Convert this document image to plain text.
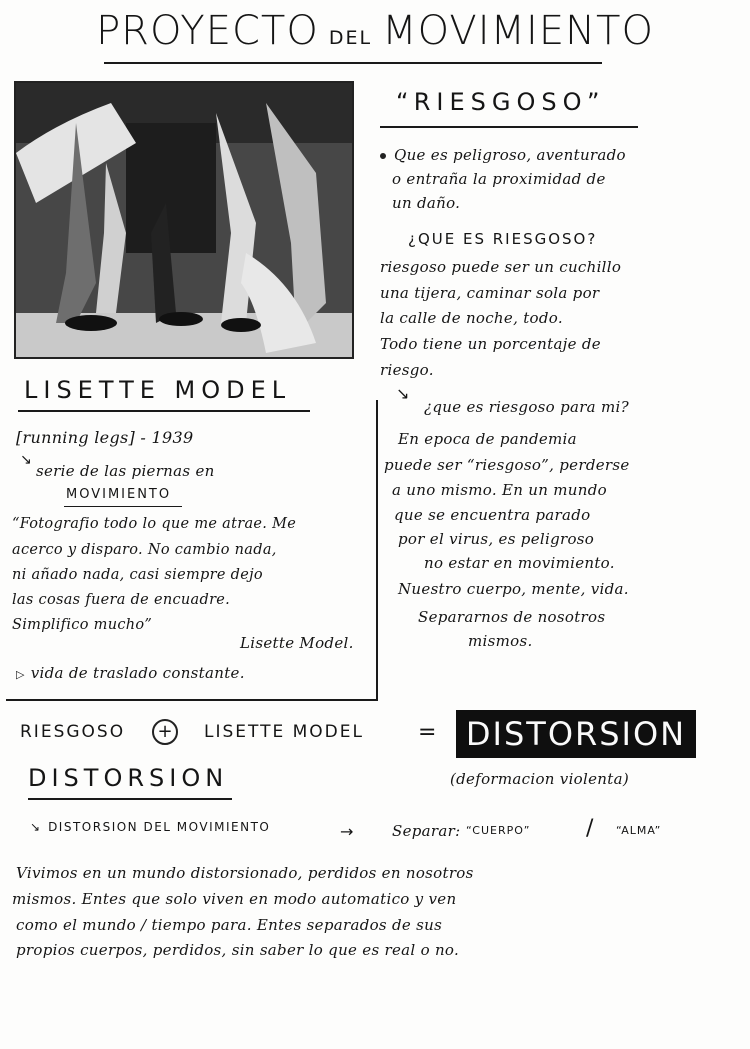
PROYECTO DEL MOVIMIENTO
“RIESGOSO”
Que es peligroso, aventurado
o entraña la proximidad de
un daño.
¿QUE ES RIESGOSO?
riesgoso puede ser un cuchillo
una tijera, caminar sola por
la calle de noche, todo.
Todo tiene un porcentaje de
riesgo.
↘
¿que es riesgoso para mi?
En epoca de pandemia
puede ser “riesgoso”, perderse
a uno mismo. En un mundo
que se encuentra parado
por el virus, es peligroso
no estar en movimiento.
Nuestro cuerpo, mente, vida.
Separarnos de nosotros
mismos.
LISETTE MODEL
[running legs] - 1939
↘
serie de las piernas en
MOVIMIENTO
“Fotografio todo lo que me atrae. Me
acerco y disparo. No cambio nada,
ni añado nada, casi siempre dejo
las cosas fuera de encuadre.
Simplifico mucho”
Lisette Model.
▷ vida de traslado constante.
RIESGOSO	+	LISETTE MODEL = DISTORSION
DISTORSION	(deformacion violenta)
↘ DISTORSION DEL MOVIMIENTO	→	Separar: “CUERPO”	/ “ALMA”
Vivimos en un mundo distorsionado, perdidos en nosotros
mismos. Entes que solo viven en modo automatico y ven
como el mundo / tiempo para. Entes separados de sus
propios cuerpos, perdidos, sin saber lo que es real o no.
